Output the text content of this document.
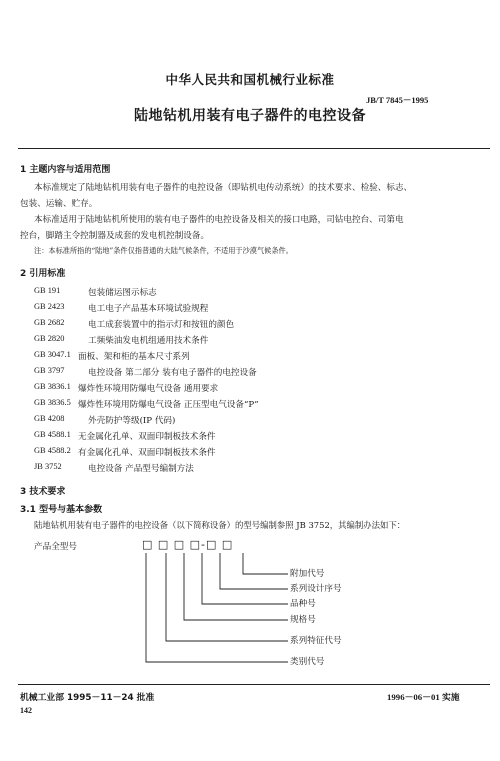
中华人民共和国机械行业标准
JB/T 7845－1995
陆地钻机用装有电子器件的电控设备
1 主题内容与适用范围
本标准规定了陆地钻机用装有电子器件的电控设备（即钻机电传动系统）的技术要求、检验、标志、
包装、运输、贮存。
本标准适用于陆地钻机所使用的装有电子器件的电控设备及相关的接口电路，司钻电控台、司第电
控台，脚踏主令控制器及成套的发电机控制设备。
注：本标准所指的“陆地”条件仅指普通的大陆气候条件，不适用于沙漠气候条件。
2 引用标准
GB 191	包装储运图示标志
GB 2423	电工电子产品基本环境试验规程
GB 2682	电工成套装置中的指示灯和按钮的颜色
GB 2820	工频柴油发电机组通用技术条件
GB 3047.1 面板、架和柜的基本尺寸系列
GB 3797	电控设备 第二部分 装有电子器件的电控设备
GB 3836.1 爆炸性环境用防爆电气设备 通用要求
GB 3836.5 爆炸性环境用防爆电气设备 正压型电气设备“P”
GB 4208	外壳防护等级(IP 代码)
GB 4588.1 无金属化孔单、双面印制板技术条件
GB 4588.2 有金属化孔单、双面印制板技术条件
JB 3752	电控设备 产品型号编制方法
3 技术要求
3.1 型号与基本参数
陆地钻机用装有电子器件的电控设备（以下简称设备）的型号编制参照 JB 3752，其编制办法如下：
产品全型号	□ □ □ □-□ □
附加代号
系列设计序号
品种号
规格号
系列特征代号
类别代号
机械工业部 1995－11－24 批准	1996－06－01 实施
142
